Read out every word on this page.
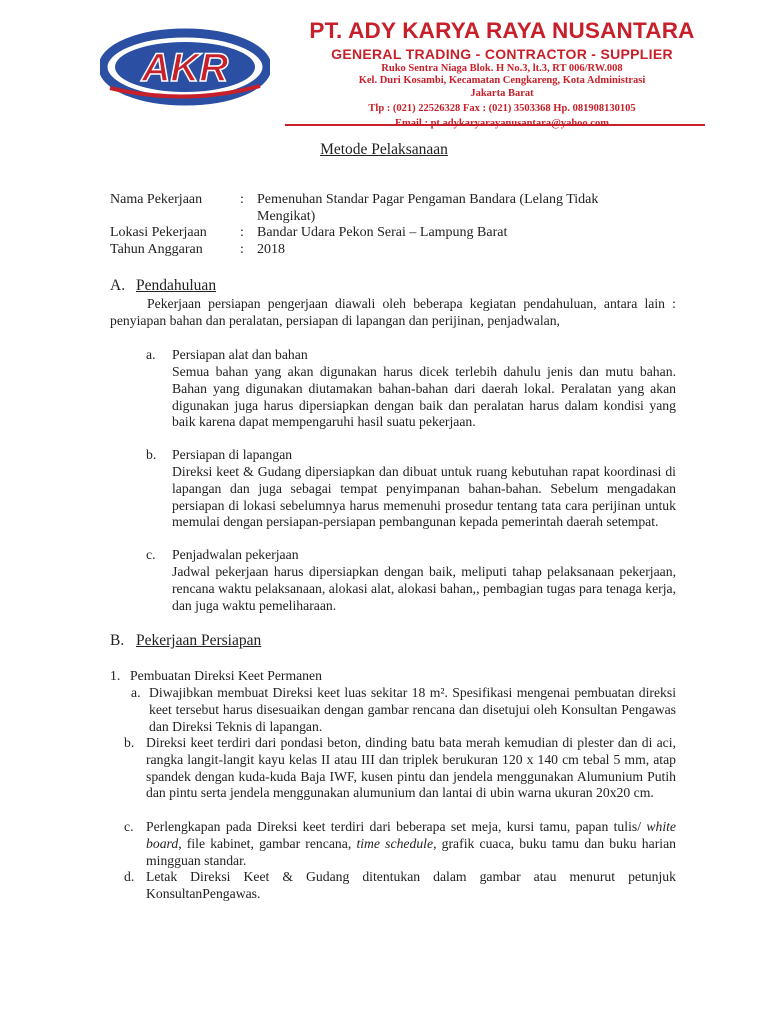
AKR
PT. ADY KARYA RAYA NUSANTARA
GENERAL TRADING - CONTRACTOR - SUPPLIER
Ruko Sentra Niaga Blok. H No.3, lt.3, RT 006/RW.008
Kel. Duri Kosambi, Kecamatan Cengkareng, Kota Administrasi
Jakarta Barat
Tlp : (021) 22526328 Fax : (021) 3503368 Hp. 081908130105
Email : pt.adykaryarayanusantara@yahoo.com
Metode Pelaksanaan
Nama Pekerjaan	: Pemenuhan Standar Pagar Pengaman Bandara (Lelang Tidak Mengikat)
Lokasi Pekerjaan	: Bandar Udara Pekon Serai – Lampung Barat
Tahun Anggaran	: 2018
A. Pendahuluan
Pekerjaan persiapan pengerjaan diawali oleh beberapa kegiatan pendahuluan, antara lain : penyiapan bahan dan peralatan, persiapan di lapangan dan perijinan, penjadwalan,
a. Persiapan alat dan bahan
Semua bahan yang akan digunakan harus dicek terlebih dahulu jenis dan mutu bahan. Bahan yang digunakan diutamakan bahan-bahan dari daerah lokal. Peralatan yang akan digunakan juga harus dipersiapkan dengan baik dan peralatan harus dalam kondisi yang baik karena dapat mempengaruhi hasil suatu pekerjaan.
b. Persiapan di lapangan
Direksi keet & Gudang dipersiapkan dan dibuat untuk ruang kebutuhan rapat koordinasi di lapangan dan juga sebagai tempat penyimpanan bahan-bahan. Sebelum mengadakan persiapan di lokasi sebelumnya harus memenuhi prosedur tentang tata cara perijinan untuk memulai dengan persiapan-persiapan pembangunan kepada pemerintah daerah setempat.
c. Penjadwalan pekerjaan
Jadwal pekerjaan harus dipersiapkan dengan baik, meliputi tahap pelaksanaan pekerjaan, rencana waktu pelaksanaan, alokasi alat, alokasi bahan,, pembagian tugas para tenaga kerja, dan juga waktu pemeliharaan.
B. Pekerjaan Persiapan
1. Pembuatan Direksi Keet Permanen
a. Diwajibkan membuat Direksi keet luas sekitar 18 m². Spesifikasi mengenai pembuatan direksi keet tersebut harus disesuaikan dengan gambar rencana dan disetujui oleh Konsultan Pengawas dan Direksi Teknis di lapangan.
b. Direksi keet terdiri dari pondasi beton, dinding batu bata merah kemudian di plester dan di aci, rangka langit-langit kayu kelas II atau III dan triplek berukuran 120 x 140 cm tebal 5 mm, atap spandek dengan kuda-kuda Baja IWF, kusen pintu dan jendela menggunakan Alumunium Putih dan pintu serta jendela menggunakan alumunium dan lantai di ubin warna ukuran 20x20 cm.
c. Perlengkapan pada Direksi keet terdiri dari beberapa set meja, kursi tamu, papan tulis/ white board, file kabinet, gambar rencana, time schedule, grafik cuaca, buku tamu dan buku harian mingguan standar.
d. Letak Direksi Keet & Gudang ditentukan dalam gambar atau menurut petunjuk KonsultanPengawas.
